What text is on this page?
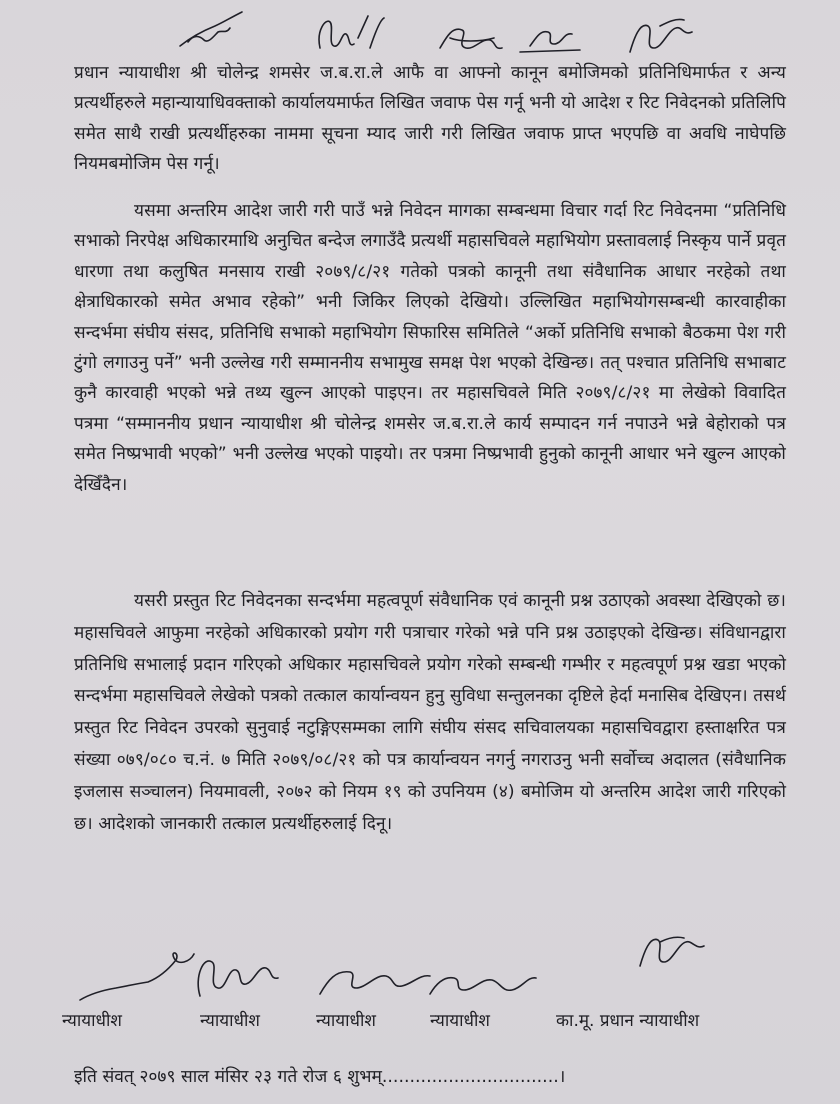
प्रधान न्यायाधीश श्री चोलेन्द्र शमसेर ज.ब.रा.ले आफै वा आफ्नो कानून बमोजिमको प्रतिनिधिमार्फत र अन्य प्रत्यर्थीहरुले महान्यायाधिवक्ताको कार्यालयमार्फत लिखित जवाफ पेस गर्नू भनी यो आदेश र रिट निवेदनको प्रतिलिपि समेत साथै राखी प्रत्यर्थीहरुका नाममा सूचना म्याद जारी गरी लिखित जवाफ प्राप्त भएपछि वा अवधि नाघेपछि नियमबमोजिम पेस गर्नू।
यसमा अन्तरिम आदेश जारी गरी पाउँ भन्ने निवेदन मागका सम्बन्धमा विचार गर्दा रिट निवेदनमा “प्रतिनिधि सभाको निरपेक्ष अधिकारमाथि अनुचित बन्देज लगाउँदै प्रत्यर्थी महासचिवले महाभियोग प्रस्तावलाई निस्कृय पार्ने प्रवृत धारणा तथा कलुषित मनसाय राखी २०७९/८/२१ गतेको पत्रको कानूनी तथा संवैधानिक आधार नरहेको तथा क्षेत्राधिकारको समेत अभाव रहेको” भनी जिकिर लिएको देखियो। उल्लिखित महाभियोगसम्बन्धी कारवाहीका सन्दर्भमा संघीय संसद, प्रतिनिधि सभाको महाभियोग सिफारिस समितिले “अर्को प्रतिनिधि सभाको बैठकमा पेश गरी टुंगो लगाउनु पर्ने” भनी उल्लेख गरी सम्माननीय सभामुख समक्ष पेश भएको देखिन्छ। तत् पश्चात प्रतिनिधि सभाबाट कुनै कारवाही भएको भन्ने तथ्य खुल्न आएको पाइएन। तर महासचिवले मिति २०७९/८/२१ मा लेखेको विवादित पत्रमा “सम्माननीय प्रधान न्यायाधीश श्री चोलेन्द्र शमसेर ज.ब.रा.ले कार्य सम्पादन गर्न नपाउने भन्ने बेहोराको पत्र समेत निष्प्रभावी भएको” भनी उल्लेख भएको पाइयो। तर पत्रमा निष्प्रभावी हुनुको कानूनी आधार भने खुल्न आएको देखिँदैन।
यसरी प्रस्तुत रिट निवेदनका सन्दर्भमा महत्वपूर्ण संवैधानिक एवं कानूनी प्रश्न उठाएको अवस्था देखिएको छ। महासचिवले आफुमा नरहेको अधिकारको प्रयोग गरी पत्राचार गरेको भन्ने पनि प्रश्न उठाइएको देखिन्छ। संविधानद्वारा प्रतिनिधि सभालाई प्रदान गरिएको अधिकार महासचिवले प्रयोग गरेको सम्बन्धी गम्भीर र महत्वपूर्ण प्रश्न खडा भएको सन्दर्भमा महासचिवले लेखेको पत्रको तत्काल कार्यान्वयन हुनु सुविधा सन्तुलनका दृष्टिले हेर्दा मनासिब देखिएन। तसर्थ प्रस्तुत रिट निवेदन उपरको सुनुवाई नटुङ्गिएसम्मका लागि संघीय संसद सचिवालयका महासचिवद्वारा हस्ताक्षरित पत्र संख्या ०७९/०८० च.नं. ७ मिति २०७९/०८/२१ को पत्र कार्यान्वयन नगर्नु नगराउनु भनी सर्वोच्च अदालत (संवैधानिक इजलास सञ्चालन) नियमावली, २०७२ को नियम १९ को उपनियम (४) बमोजिम यो अन्तरिम आदेश जारी गरिएको छ। आदेशको जानकारी तत्काल प्रत्यर्थीहरुलाई दिनू।
न्यायाधीश	न्यायाधीश	न्यायाधीश	न्यायाधीश	का.मू. प्रधान न्यायाधीश
इति संवत् २०७९ साल मंसिर २३ गते रोज ६ शुभम्................................।
